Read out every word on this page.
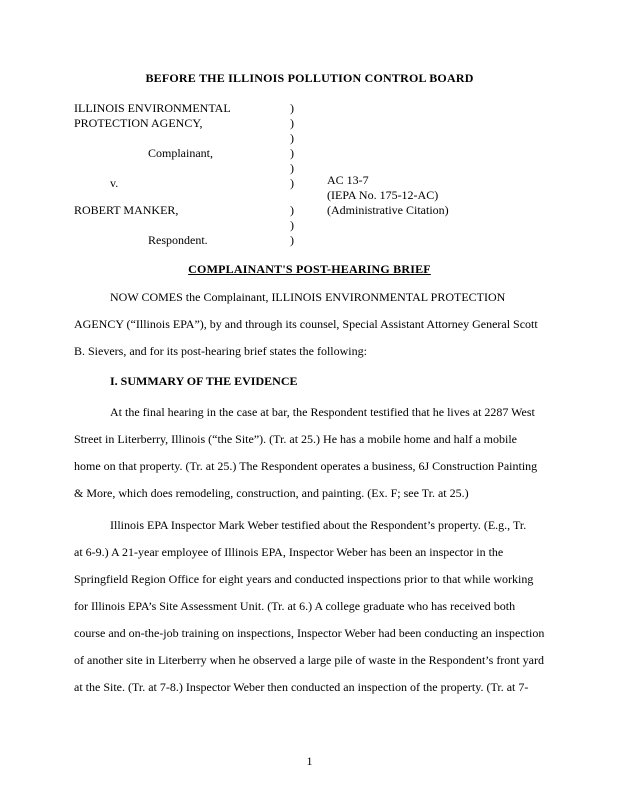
BEFORE THE ILLINOIS POLLUTION CONTROL BOARD
ILLINOIS ENVIRONMENTAL
PROTECTION AGENCY,
Complainant,
v.
ROBERT MANKER,
Respondent.
)
)
)
)
)
)
)
)
)
AC 13-7
(IEPA No. 175-12-AC)
(Administrative Citation)
COMPLAINANT'S POST-HEARING BRIEF
NOW COMES the Complainant, ILLINOIS ENVIRONMENTAL PROTECTION
AGENCY (“Illinois EPA”), by and through its counsel, Special Assistant Attorney General Scott
B. Sievers, and for its post-hearing brief states the following:
I. SUMMARY OF THE EVIDENCE
At the final hearing in the case at bar, the Respondent testified that he lives at 2287 West
Street in Literberry, Illinois (“the Site”). (Tr. at 25.) He has a mobile home and half a mobile
home on that property. (Tr. at 25.) The Respondent operates a business, 6J Construction Painting
& More, which does remodeling, construction, and painting. (Ex. F; see Tr. at 25.)
Illinois EPA Inspector Mark Weber testified about the Respondent’s property. (E.g., Tr.
at 6-9.) A 21-year employee of Illinois EPA, Inspector Weber has been an inspector in the
Springfield Region Office for eight years and conducted inspections prior to that while working
for Illinois EPA’s Site Assessment Unit. (Tr. at 6.) A college graduate who has received both
course and on-the-job training on inspections, Inspector Weber had been conducting an inspection
of another site in Literberry when he observed a large pile of waste in the Respondent’s front yard
at the Site. (Tr. at 7-8.) Inspector Weber then conducted an inspection of the property. (Tr. at 7-
1
